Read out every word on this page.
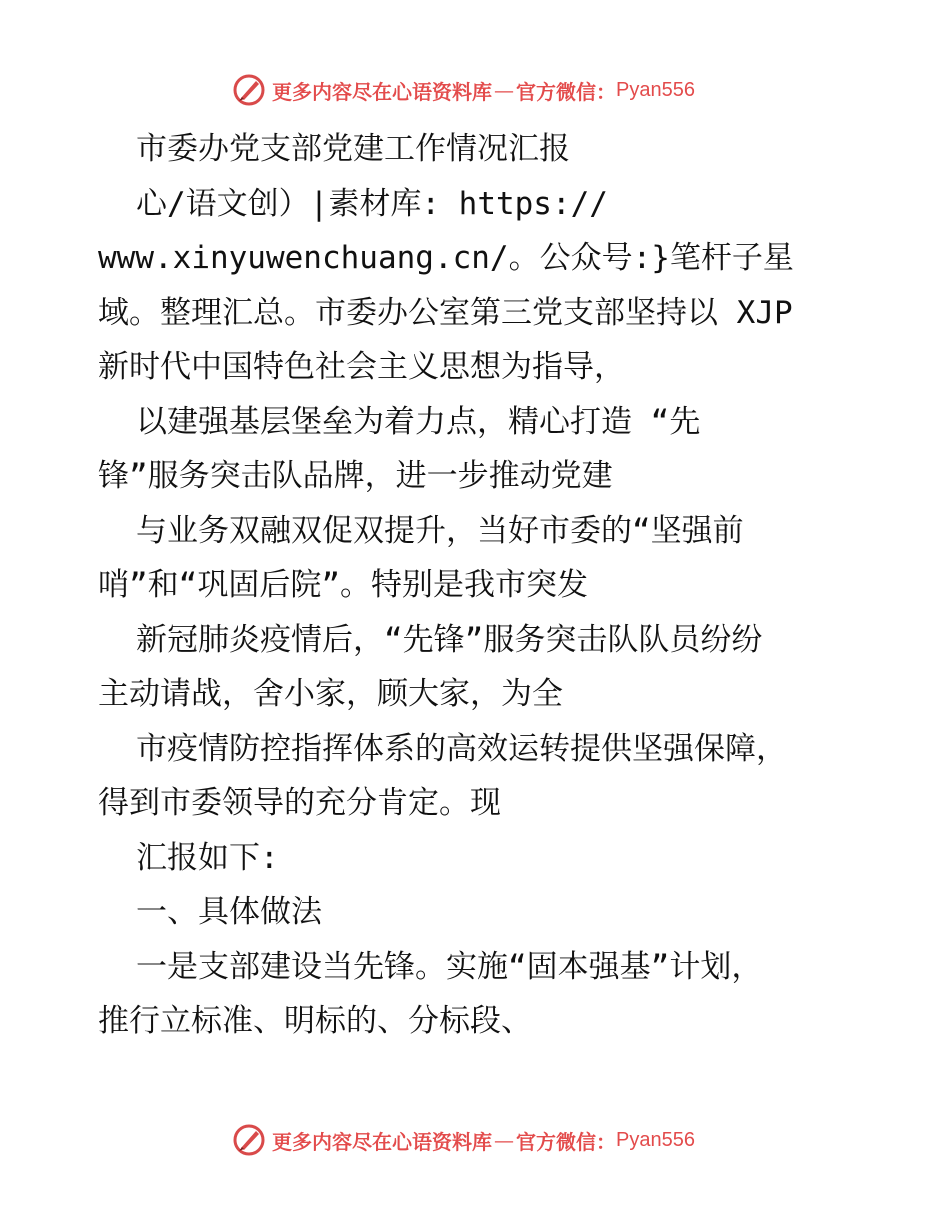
更多内容尽在心语资料库 — 官方微信： Pyan556
市委办党支部党建工作情况汇报
心/语文创）|素材库: https://
www.xinyuwenchuang.cn/。公众号:}笔杆子星
域。整理汇总。市委办公室第三党支部坚持以 XJP
新时代中国特色社会主义思想为指导，
以建强基层堡垒为着力点，精心打造 “先
锋”服务突击队品牌，进一步推动党建
与业务双融双促双提升，当好市委的“坚强前
哨”和“巩固后院”。特别是我市突发
新冠肺炎疫情后，“先锋”服务突击队队员纷纷
主动请战，舍小家，顾大家，为全
市疫情防控指挥体系的高效运转提供坚强保障，
得到市委领导的充分肯定。现
汇报如下:
一、具体做法
一是支部建设当先锋。实施“固本强基”计划，
推行立标准、明标的、分标段、
更多内容尽在心语资料库 — 官方微信： Pyan556
